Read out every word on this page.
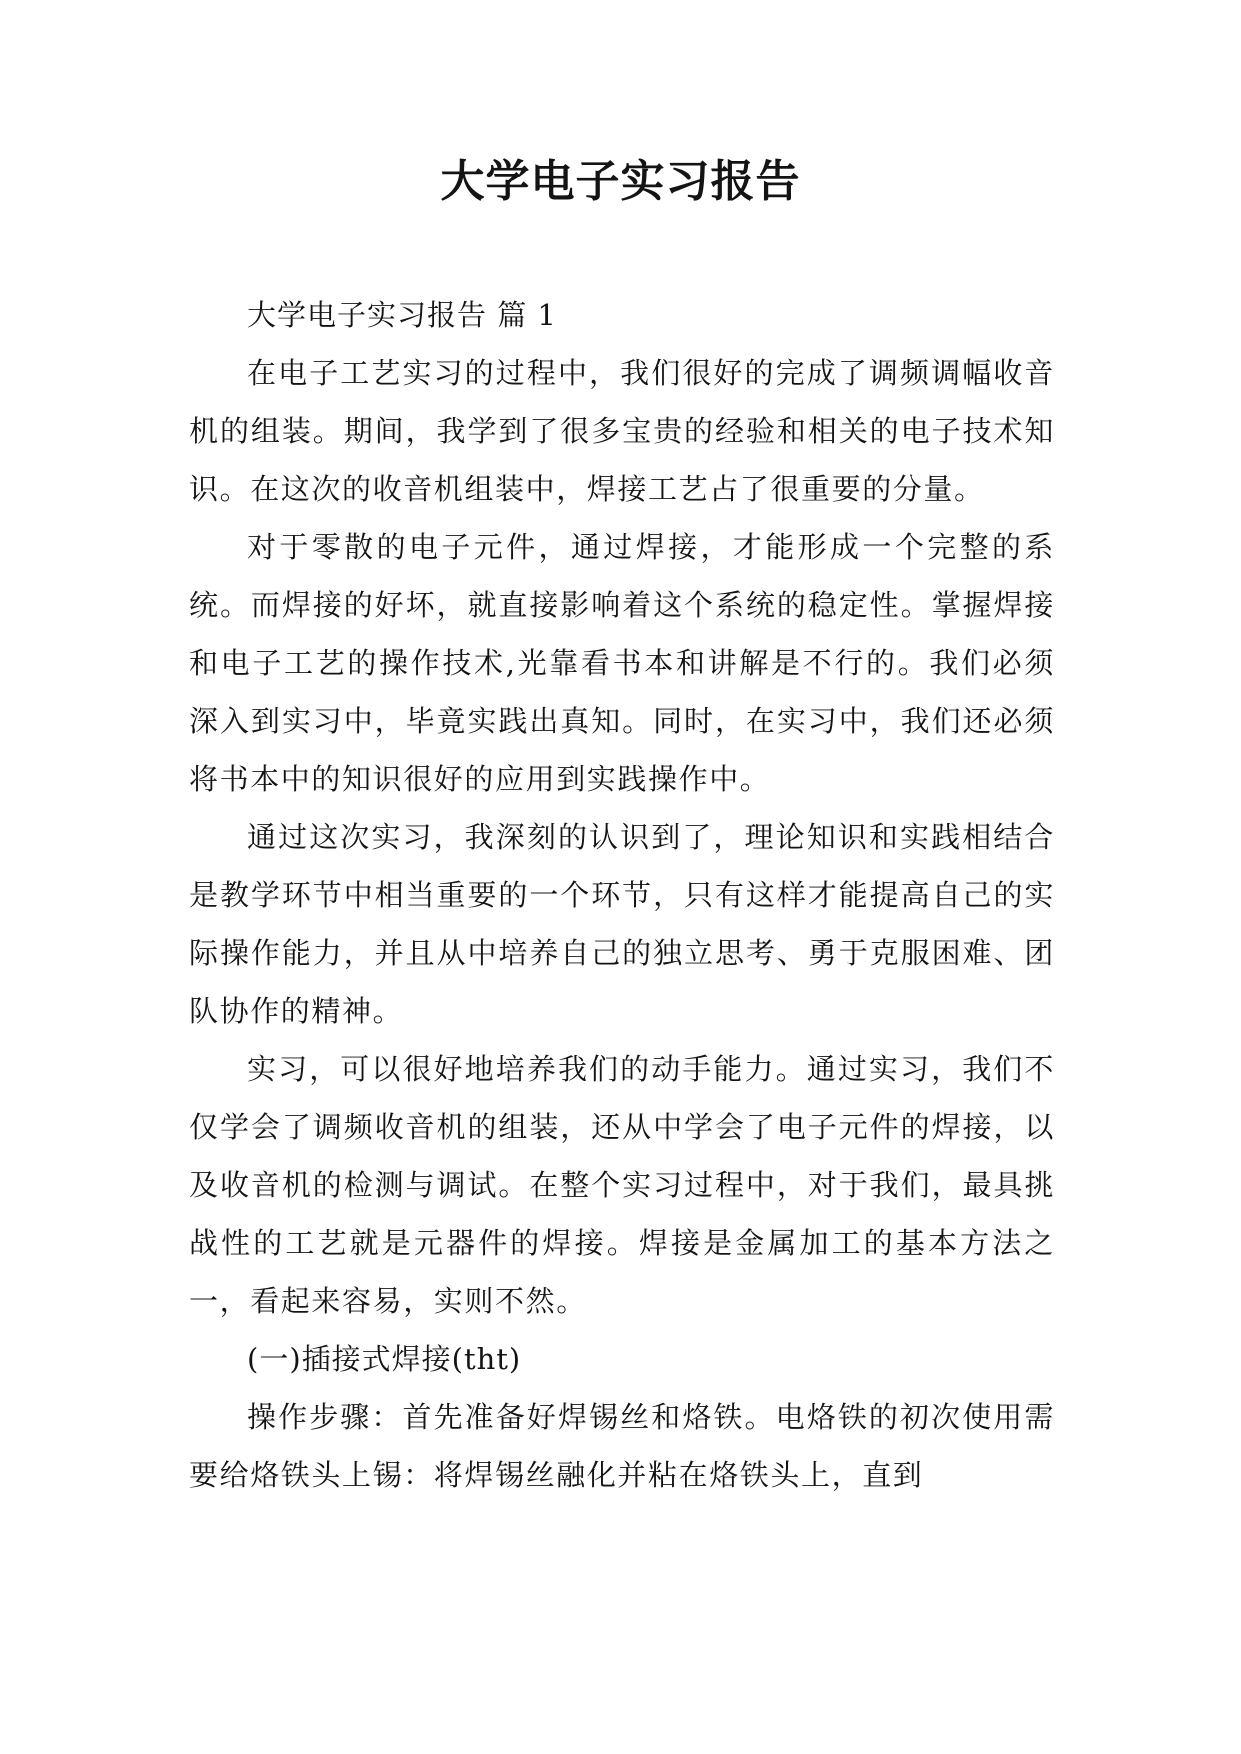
大学电子实习报告

大学电子实习报告 篇 1

在电子工艺实习的过程中，我们很好的完成了调频调幅收音机的组装。期间，我学到了很多宝贵的经验和相关的电子技术知识。在这次的收音机组装中，焊接工艺占了很重要的分量。

对于零散的电子元件，通过焊接，才能形成一个完整的系统。而焊接的好坏，就直接影响着这个系统的稳定性。掌握焊接和电子工艺的操作技术,光靠看书本和讲解是不行的。我们必须深入到实习中，毕竟实践出真知。同时，在实习中，我们还必须将书本中的知识很好的应用到实践操作中。

通过这次实习，我深刻的认识到了，理论知识和实践相结合是教学环节中相当重要的一个环节，只有这样才能提高自己的实际操作能力，并且从中培养自己的独立思考、勇于克服困难、团队协作的精神。

实习，可以很好地培养我们的动手能力。通过实习，我们不仅学会了调频收音机的组装，还从中学会了电子元件的焊接，以及收音机的检测与调试。在整个实习过程中，对于我们，最具挑战性的工艺就是元器件的焊接。焊接是金属加工的基本方法之一，看起来容易，实则不然。

(一)插接式焊接(tht)

操作步骤：首先准备好焊锡丝和烙铁。电烙铁的初次使用需要给烙铁头上锡：将焊锡丝融化并粘在烙铁头上，直到
